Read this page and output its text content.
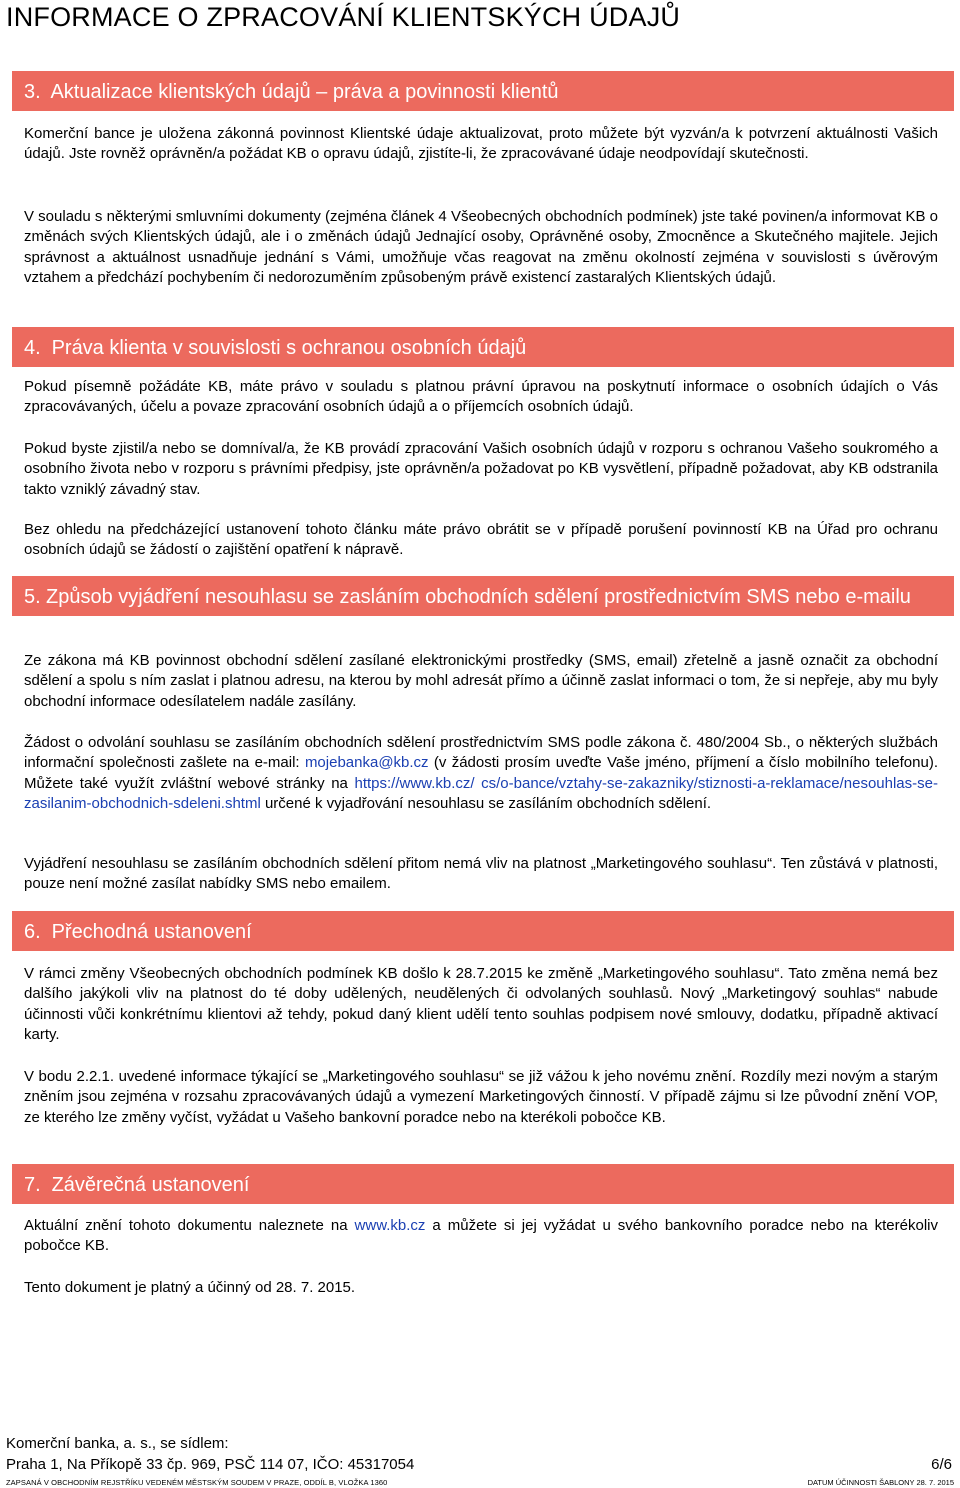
INFORMACE O ZPRACOVÁNÍ KLIENTSKÝCH ÚDAJŮ
3. Aktualizace klientských údajů – práva a povinnosti klientů

Komerční bance je uložena zákonná povinnost Klientské údaje aktualizovat, proto můžete být vyzván/a k potvrzení aktuálnosti Vašich údajů. Jste rovněž oprávněn/a požádat KB o opravu údajů, zjistíte-li, že zpracovávané údaje neodpovídají skutečnosti.

V souladu s některými smluvními dokumenty (zejména článek 4 Všeobecných obchodních podmínek) jste také povinen/a informovat KB o změnách svých Klientských údajů, ale i o změnách údajů Jednající osoby, Oprávněné osoby, Zmocněnce a Skutečného majitele. Jejich správnost a aktuálnost usnadňuje jednání s Vámi, umožňuje včas reagovat na změnu okolností zejména v souvislosti s úvěrovým vztahem a předchází pochybením či nedorozuměním způsobeným právě existencí zastaralých Klientských údajů.

4. Práva klienta v souvislosti s ochranou osobních údajů

Pokud písemně požádáte KB, máte právo v souladu s platnou právní úpravou na poskytnutí informace o osobních údajích o Vás zpracovávaných, účelu a povaze zpracování osobních údajů a o příjemcích osobních údajů.

Pokud byste zjistil/a nebo se domníval/a, že KB provádí zpracování Vašich osobních údajů v rozporu s ochranou Vašeho soukromého a osobního života nebo v rozporu s právními předpisy, jste oprávněn/a požadovat po KB vysvětlení, případně požadovat, aby KB odstranila takto vzniklý závadný stav.

Bez ohledu na předcházející ustanovení tohoto článku máte právo obrátit se v případě porušení povinností KB na Úřad pro ochranu osobních údajů se žádostí o zajištění opatření k nápravě.

5. Způsob vyjádření nesouhlasu se zasláním obchodních sdělení prostřednictvím SMS nebo e-mailu

Ze zákona má KB povinnost obchodní sdělení zasílané elektronickými prostředky (SMS, email) zřetelně a jasně označit za obchodní sdělení a spolu s ním zaslat i platnou adresu, na kterou by mohl adresát přímo a účinně zaslat informaci o tom, že si nepřeje, aby mu byly obchodní informace odesílatelem nadále zasílány.

Žádost o odvolání souhlasu se zasíláním obchodních sdělení prostřednictvím SMS podle zákona č. 480/2004 Sb., o některých službách informační společnosti zašlete na e-mail: mojebanka@kb.cz (v žádosti prosím uveďte Vaše jméno, příjmení a číslo mobilního telefonu). Můžete také využít zvláštní webové stránky na https://www.kb.cz/ cs/o-bance/vztahy-se-zakazniky/stiznosti-a-reklamace/nesouhlas-se-zasilanim-obchodnich-sdeleni.shtml určené k vyjadřování nesouhlasu se zasíláním obchodních sdělení.

Vyjádření nesouhlasu se zasíláním obchodních sdělení přitom nemá vliv na platnost „Marketingového souhlasu“. Ten zůstává v platnosti, pouze není možné zasílat nabídky SMS nebo emailem.

6. Přechodná ustanovení

V rámci změny Všeobecných obchodních podmínek KB došlo k 28.7.2015 ke změně „Marketingového souhlasu“. Tato změna nemá bez dalšího jakýkoli vliv na platnost do té doby udělených, neudělených či odvolaných souhlasů. Nový „Marketingový souhlas“ nabude účinnosti vůči konkrétnímu klientovi až tehdy, pokud daný klient udělí tento souhlas podpisem nové smlouvy, dodatku, případně aktivací karty.

V bodu 2.2.1. uvedené informace týkající se „Marketingového souhlasu“ se již vážou k jeho novému znění. Rozdíly mezi novým a starým zněním jsou zejména v rozsahu zpracovávaných údajů a vymezení Marketingových činností. V případě zájmu si lze původní znění VOP, ze kterého lze změny vyčíst, vyžádat u Vašeho bankovní poradce nebo na kterékoli pobočce KB.

7. Závěrečná ustanovení

Aktuální znění tohoto dokumentu naleznete na www.kb.cz a můžete si jej vyžádat u svého bankovního poradce nebo na kterékoliv pobočce KB.

Tento dokument je platný a účinný od 28. 7. 2015.

Komerční banka, a. s., se sídlem:
Praha 1, Na Příkopě 33 čp. 969, PSČ 114 07, IČO: 45317054	6/6
ZAPSANÁ V OBCHODNÍM REJSTŘÍKU VEDENÉM MĚSTSKÝM SOUDEM V PRAZE, ODDÍL B, VLOŽKA 1360	DATUM ÚČINNOSTI ŠABLONY 28. 7. 2015
